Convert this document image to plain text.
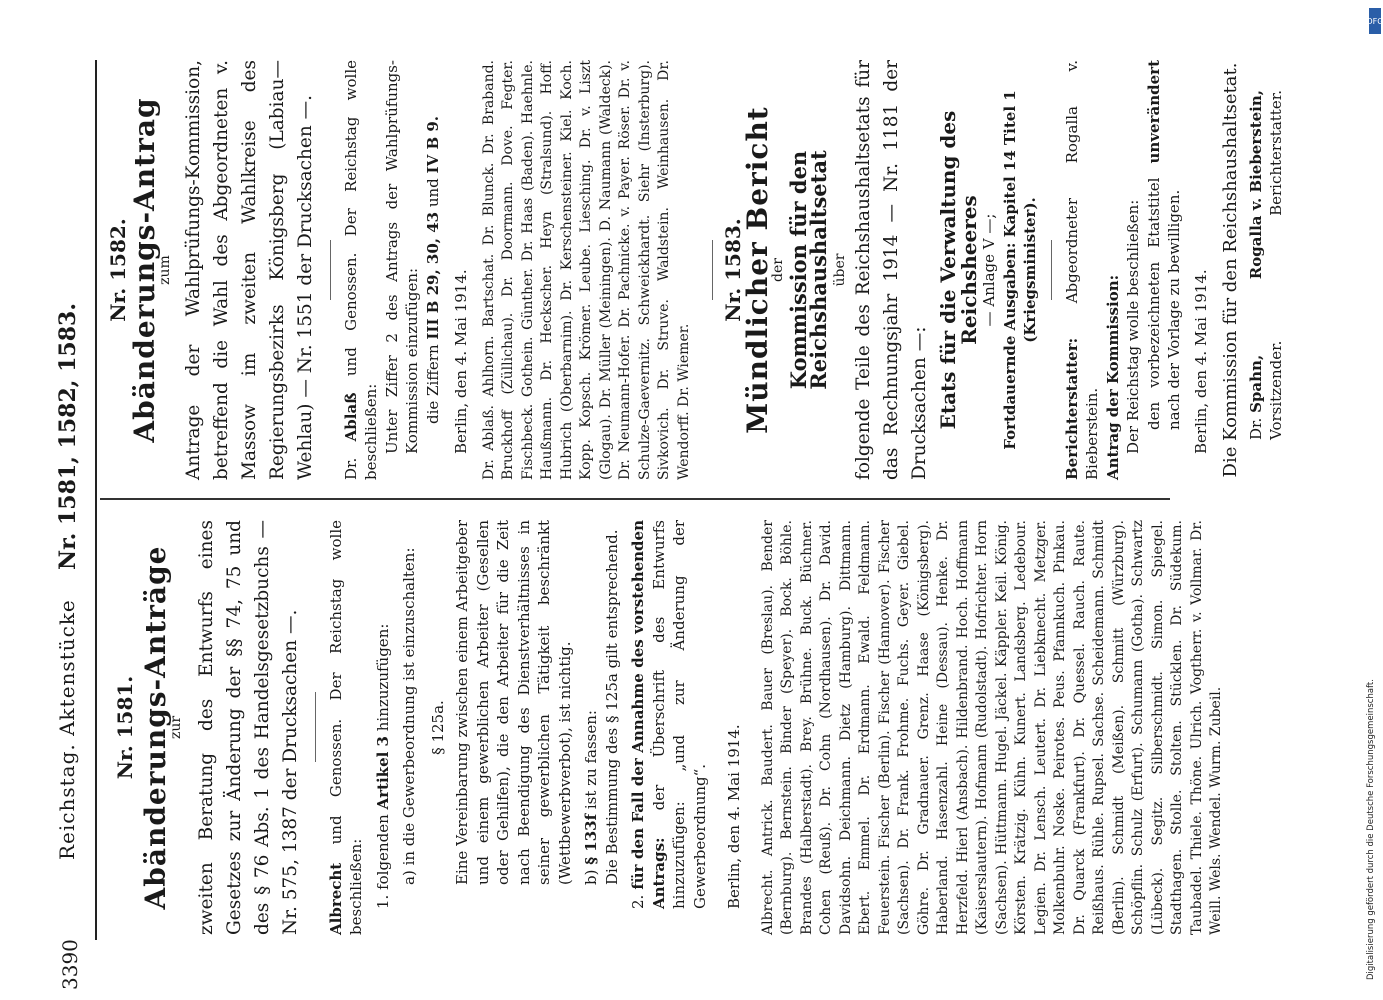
3390
Reichstag. Aktenstücke
Nr. 1581, 1582, 1583.
Nr. 1581. Abänderungs-Anträge
zur zweiten Beratung des Entwurfs eines Gesetzes zur Änderung der §§ 74, 75 und des § 76 Abs. 1 des Handelsgesetzbuchs — Nr. 575, 1387 der Drucksachen —. Albrecht und Genossen. Der Reichstag wolle beschließen: 1. folgenden Artikel 3 hinzuzufügen: a) in die Gewerbeordnung ist einzuschalten: § 125a. Eine Vereinbarung zwischen einem Arbeitgeber und einem gewerblichen Arbeiter (Gesellen oder Gehilfen), die den Arbeiter für die Zeit nach Beendigung des Dienstverhältnisses in seiner gewerblichen Tätigkeit beschränkt (Wettbewerbverbot), ist nichtig. b) § 133f ist zu fassen: Die Bestimmung des § 125a gilt entsprechend.

2. für den Fall der Annahme des vorstehenden Antrags: der Überschrift des Entwurfs hinzuzufügen: „und zur Änderung der Gewerbeordnung“. Berlin, den 4. Mai 1914. Albrecht. Antrick. Baudert. Bauer (Breslau). Bender (Bernburg). Bernstein. Binder (Speyer). Bock. Böhle. Brandes (Halberstadt). Brey. Brühne. Buck. Büchner. Cohen (Reuß). Dr. Cohn (Nordhausen). Dr. David. Davidsohn. Deichmann. Dietz (Hamburg). Dittmann. Ebert. Emmel. Dr. Erdmann. Ewald. Feldmann. Feuerstein. Fischer (Berlin). Fischer (Hannover). Fischer (Sachsen). Dr. Frank. Frohme. Fuchs. Geyer. Giebel. Göhre. Dr. Gradnauer. Grenz. Haase (Königsberg). Haberland. Hasenzahl. Heine (Dessau). Henke. Dr. Herzfeld. Hierl (Ansbach). Hildenbrand. Hoch. Hoffmann (Kaiserslautern). Hofmann (Rudolstadt). Hofrichter. Horn (Sachsen). Hüttmann. Hugel. Jäckel. Käppler. Keil. König. Körsten. Krätzig. Kühn. Kunert. Landsberg. Ledebour. Legien. Dr. Lensch. Leutert. Dr. Liebknecht. Metzger. Molkenbuhr. Noske. Peirotes. Peus. Pfannkuch. Pinkau. Dr. Quarck (Frankfurt). Dr. Quessel. Rauch. Raute. Reißhaus. Rühle. Rupsel. Sachse. Scheidemann. Schmidt (Berlin). Schmidt (Meißen). Schmitt (Würzburg). Schöpflin. Schulz (Erfurt). Schumann (Gotha). Schwartz (Lübeck). Segitz. Silberschmidt. Simon. Spiegel. Stadthagen. Stolle. Stolten. Stücklen. Dr. Südekum. Taubadel. Thiele. Thöne. Ulrich. Vogtherr. v. Vollmar. Dr. Weill. Wels. Wendel. Wurm. Zubeil.

Nr. 1582.
Abänderungs-Antrag
zum Antrage der Wahlprüfungs-Kommission, betreffend die Wahl des Abgeordneten v. Massow im zweiten Wahlkreise des Regierungsbezirks Königsberg (Labiau—Wehlau) — Nr. 1551 der Drucksachen —. Dr. Ablaß und Genossen. Der Reichstag wolle beschließen: Unter Ziffer 2 des Antrags der Wahlprüfungs-Kommission einzufügen: die Ziffern III B 29, 30, 43 und IV B 9.

Berlin, den 4. Mai 1914. Dr. Ablaß. Ahlhorn. Bartschat. Dr. Blunck. Dr. Braband. Bruckhoff (Züllichau). Dr. Doormann. Dove. Fegter. Fischbeck. Gothein. Günther. Dr. Haas (Baden). Haehnle. Haußmann. Dr. Heckscher. Heyn (Stralsund). Hoff. Hubrich (Oberbarnim). Dr. Kerschensteiner. Kiel. Koch. Kopp. Kopsch. Krömer. Leube. Liesching. Dr. v. Liszt (Glogau). Dr. Müller (Meiningen). D. Naumann (Waldeck). Dr. Neumann-Hofer. Dr. Pachnicke. v. Payer. Röser. Dr. v. Schulze-Gaevernitz. Schweickhardt. Siehr (Insterburg). Sivkovich. Dr. Struve. Waldstein. Weinhausen. Dr. Wendorff. Dr. Wiemer.

Nr. 1583.
Mündlicher Bericht
der Kommission für den Reichshaushaltsetat über folgende Teile des Reichshaushaltsetats für das Rechnungsjahr 1914 — Nr. 1181 der Drucksachen —: Etats für die Verwaltung des Reichsheeres — Anlage V —; Fortdauernde Ausgaben: Kapitel 14 Titel 1 (Kriegsminister).

Berichterstatter: Abgeordneter Rogalla v. Bieberstein. Antrag der Kommission: Der Reichstag wolle beschließen: den vorbezeichneten Etatstitel unverändert nach der Vorlage zu bewilligen. Berlin, den 4. Mai 1914. Die Kommission für den Reichshaushaltsetat. Dr. Spahn, Vorsitzender.
Rogalla v. Bieberstein, Berichterstatter.
DFG
Digitalisierung gefördert durch die Deutsche Forschungsgemeinschaft.
